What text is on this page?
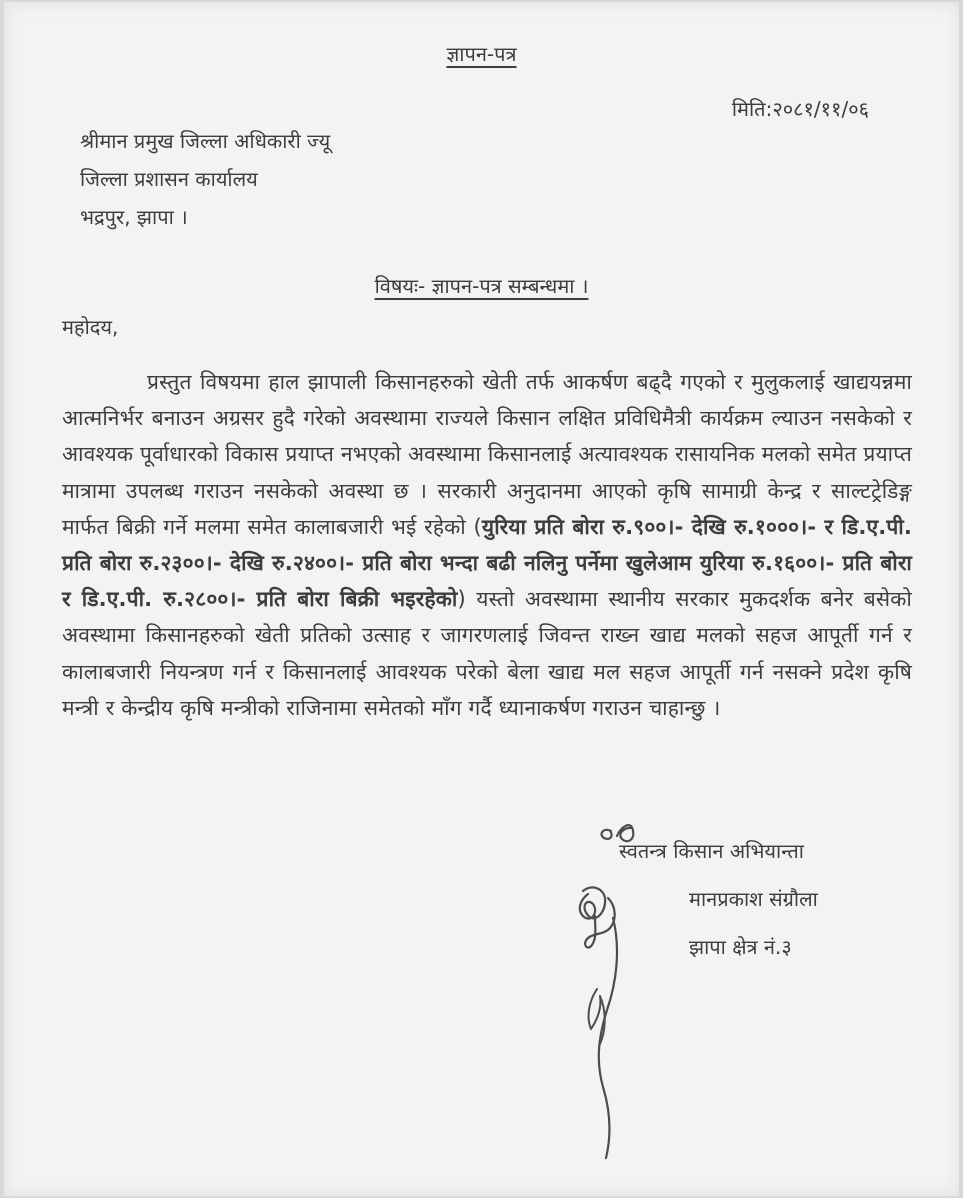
ज्ञापन-पत्र
मिति:२०८१/११/०६
श्रीमान प्रमुख जिल्ला अधिकारी ज्यू
जिल्ला प्रशासन कार्यालय
भद्रपुर, झापा ।
विषयः- ज्ञापन-पत्र सम्बन्धमा ।
महोदय,
प्रस्तुत विषयमा हाल झापाली किसानहरुको खेती तर्फ आकर्षण बढ्दै गएको र मुलुकलाई खाद्ययन्नमा आत्मनिर्भर बनाउन अग्रसर हुदै गरेको अवस्थामा राज्यले किसान लक्षित प्रविधिमैत्री कार्यक्रम ल्याउन नसकेको र आवश्यक पूर्वाधारको विकास प्रयाप्त नभएको अवस्थामा किसानलाई अत्यावश्यक रासायनिक मलको समेत प्रयाप्त मात्रामा उपलब्ध गराउन नसकेको अवस्था छ । सरकारी अनुदानमा आएको कृषि सामाग्री केन्द्र र साल्टट्रेडिङ्ग मार्फत बिक्री गर्ने मलमा समेत कालाबजारी भई रहेको (युरिया प्रति बोरा रु.९००।- देखि रु.१०००।- र डि.ए.पी. प्रति बोरा रु.२३००।- देखि रु.२४००।- प्रति बोरा भन्दा बढी नलिनु पर्नेमा खुलेआम युरिया रु.१६००।- प्रति बोरा र डि.ए.पी. रु.२८००।- प्रति बोरा बिक्री भइरहेको) यस्तो अवस्थामा स्थानीय सरकार मुकदर्शक बनेर बसेको अवस्थामा किसानहरुको खेती प्रतिको उत्साह र जागरणलाई जिवन्त राख्न खाद्य मलको सहज आपूर्ती गर्न र कालाबजारी नियन्त्रण गर्न र किसानलाई आवश्यक परेको बेला खाद्य मल सहज आपूर्ती गर्न नसक्ने प्रदेश कृषि मन्त्री र केन्द्रीय कृषि मन्त्रीको राजिनामा समेतको माँग गर्दै ध्यानाकर्षण गराउन चाहान्छु ।
स्वतन्त्र किसान अभियान्ता
मानप्रकाश संग्रौला
झापा क्षेत्र नं.३
